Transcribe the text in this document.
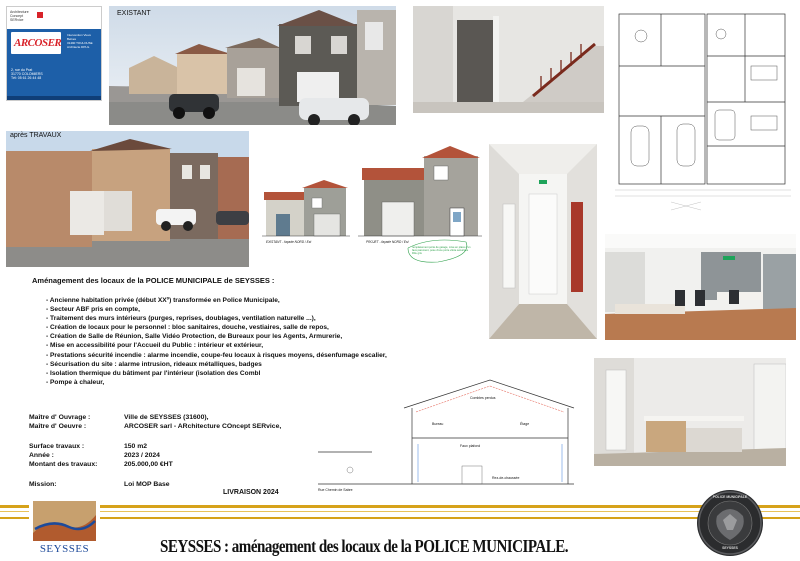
Architecture
Concept
SERvice
ARCOSER
Intervention Vieux Belves
31490 TOULOUSE
Architecte DPLG
2, rue du Prat
31770 COLOMIERS
Tél: 05 61 26 44 48
EXISTANT
après TRAVAUX
EXISTANT - façade NORD / Est	PROJET - façade NORD / Est
remplacement porte de garage, mise en place d'un faux parement, pose d'une porte vitrée sécurisée RAL gris
Aménagement des locaux de la POLICE MUNICIPALE de SEYSSES :
- Ancienne habitation privée (début XXº) transformée en Police Municipale,
- Secteur ABF pris en compte,
- Traitement des murs intérieurs (purges, reprises, doublages, ventilation naturelle ...),
- Création de locaux pour le personnel : bloc sanitaires, douche, vestiaires, salle de repos,
- Création de Salle de Réunion, Salle Vidéo Protection, de Bureaux pour les Agents, Armurerie,
- Mise en accessibilité pour l'Accueil du Public : intérieur et extérieur,
- Prestations sécurité incendie : alarme incendie, coupe-feu locaux à risques moyens, désenfumage escalier,
- Sécurisation du site : alarme intrusion, rideaux métalliques, badges
- Isolation thermique du bâtiment par l'intérieur (isolation des Combl
- Pompe à chaleur,
Combles perdus
Bureau	Étage
Faux plafond
Rez-de-chaussée
Rue Chemin de Sabre
Maître d' Ouvrage :	Ville de SEYSSES (31600),
Maître d' Oeuvre :	ARCOSER sarl - ARchitecture COncept SERvice,
Surface travaux :	150 m2
Année :	2023 / 2024
Montant des travaux:	205.000,00 €HT
Mission:	Loi MOP Base
LIVRAISON 2024
SEYSSES	SEYSSES : aménagement des locaux de la POLICE MUNICIPALE.
POLICE MUNICIPALE
SEYSSES
